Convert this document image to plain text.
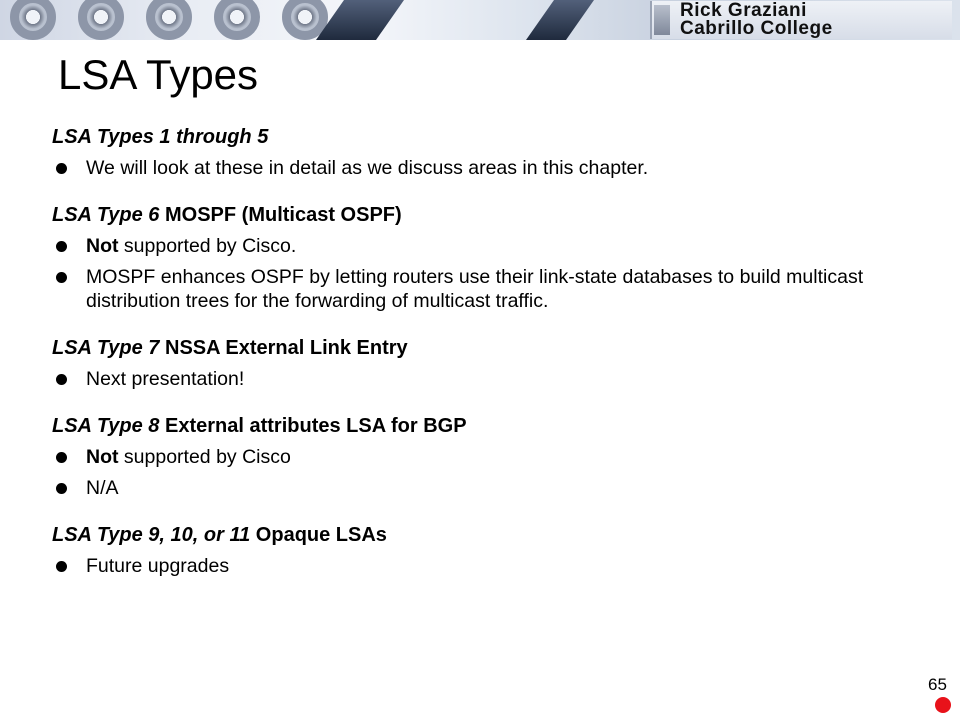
Rick Graziani
Cabrillo College
LSA Types
LSA Types 1 through 5
We will look at these in detail as we discuss areas in this chapter.
LSA Type 6 MOSPF (Multicast OSPF)
Not supported by Cisco.
MOSPF enhances OSPF by letting routers use their link-state databases to build multicast distribution trees for the forwarding of multicast traffic.
LSA Type 7 NSSA External Link Entry
Next presentation!
LSA Type 8 External attributes LSA for BGP
Not supported by Cisco
N/A
LSA Type 9, 10, or 11 Opaque LSAs
Future upgrades
65
